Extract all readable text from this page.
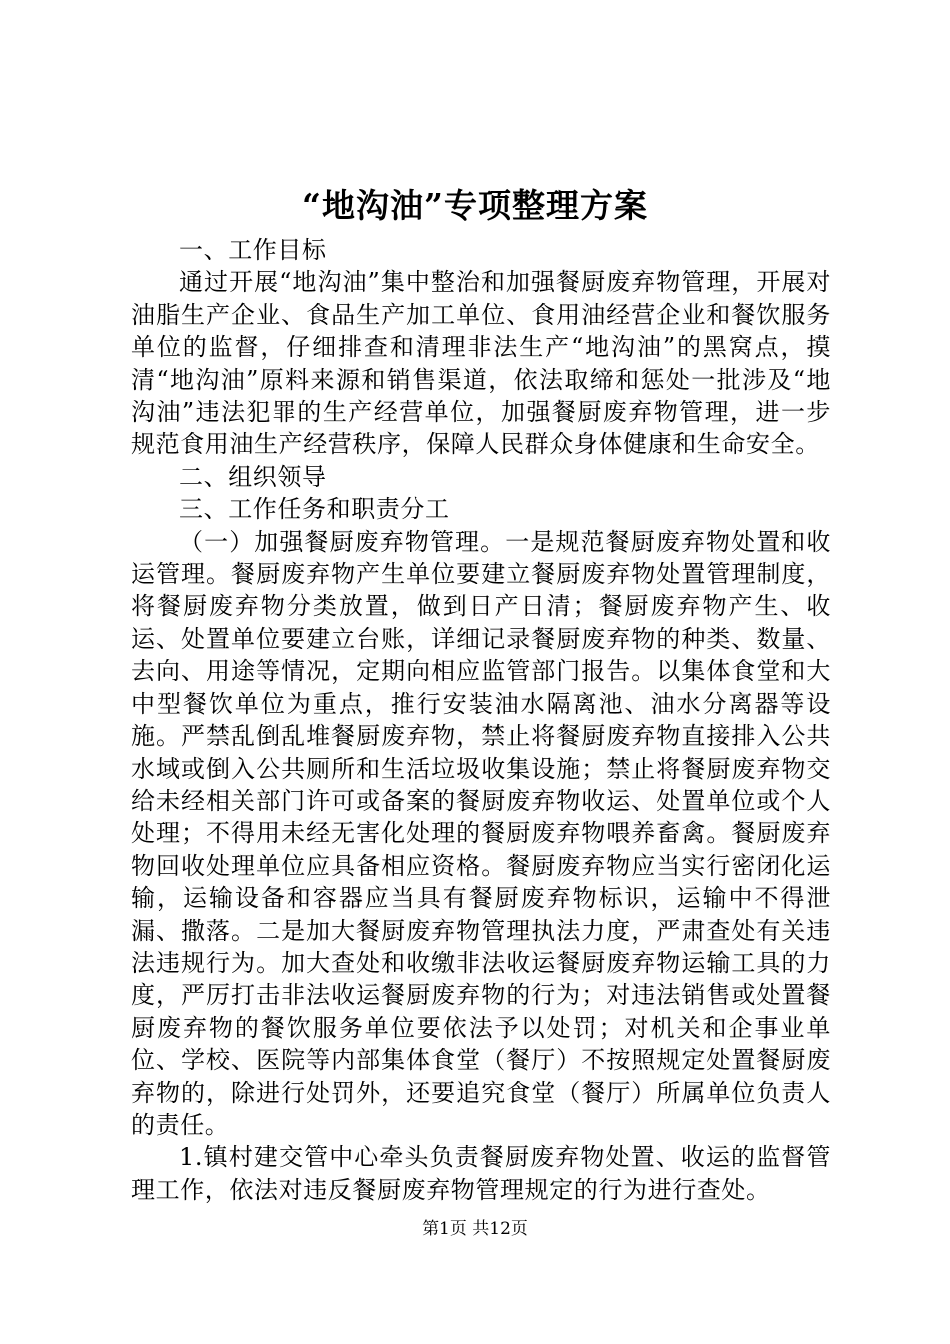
“地沟油”专项整理方案

一、工作目标

通过开展“地沟油”集中整治和加强餐厨废弃物管理，开展对油脂生产企业、食品生产加工单位、食用油经营企业和餐饮服务单位的监督，仔细排查和清理非法生产“地沟油”的黑窝点，摸清“地沟油”原料来源和销售渠道，依法取缔和惩处一批涉及“地沟油”违法犯罪的生产经营单位，加强餐厨废弃物管理，进一步规范食用油生产经营秩序，保障人民群众身体健康和生命安全。

二、组织领导

三、工作任务和职责分工

（一）加强餐厨废弃物管理。一是规范餐厨废弃物处置和收运管理。餐厨废弃物产生单位要建立餐厨废弃物处置管理制度，将餐厨废弃物分类放置，做到日产日清；餐厨废弃物产生、收运、处置单位要建立台账，详细记录餐厨废弃物的种类、数量、去向、用途等情况，定期向相应监管部门报告。以集体食堂和大中型餐饮单位为重点，推行安装油水隔离池、油水分离器等设施。严禁乱倒乱堆餐厨废弃物，禁止将餐厨废弃物直接排入公共水域或倒入公共厕所和生活垃圾收集设施；禁止将餐厨废弃物交给未经相关部门许可或备案的餐厨废弃物收运、处置单位或个人处理；不得用未经无害化处理的餐厨废弃物喂养畜禽。餐厨废弃物回收处理单位应具备相应资格。餐厨废弃物应当实行密闭化运输，运输设备和容器应当具有餐厨废弃物标识，运输中不得泄漏、撒落。二是加大餐厨废弃物管理执法力度，严肃查处有关违法违规行为。加大查处和收缴非法收运餐厨废弃物运输工具的力度，严厉打击非法收运餐厨废弃物的行为；对违法销售或处置餐厨废弃物的餐饮服务单位要依法予以处罚；对机关和企事业单位、学校、医院等内部集体食堂（餐厅）不按照规定处置餐厨废弃物的，除进行处罚外，还要追究食堂（餐厅）所属单位负责人的责任。

1.镇村建交管中心牵头负责餐厨废弃物处置、收运的监督管理工作，依法对违反餐厨废弃物管理规定的行为进行查处。

第1页 共12页
